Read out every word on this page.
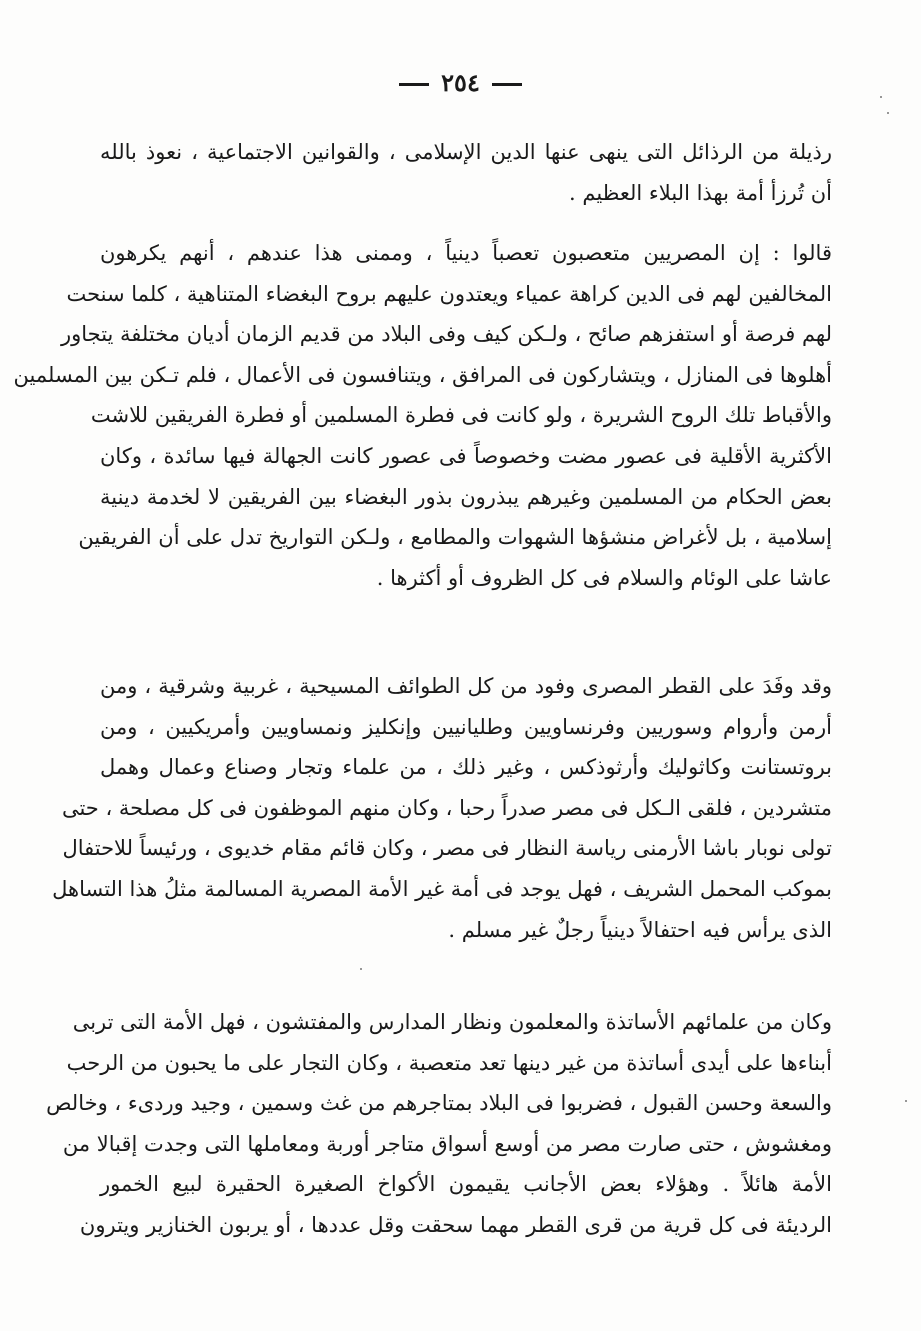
٢٥٤
رذيلة من الرذائل التى ينهى عنها الدين الإسلامى ، والقوانين الاجتماعية ، نعوذ بالله
أن تُرزأ أمة بهذا البلاء العظيم .
قالوا : إن المصريين متعصبون تعصباً دينياً ، وممنى هذا عندهم ، أنهم يكرهون
المخالفين لهم فى الدين كراهة عمياء ويعتدون عليهم بروح البغضاء المتناهية ، كلما سنحت
لهم فرصة أو استفزهم صائح ، ولـكن كيف وفى البلاد من قديم الزمان أديان مختلفة يتجاور
أهلوها فى المنازل ، ويتشاركون فى المرافق ، ويتنافسون فى الأعمال ، فلم تـكن بين المسلمين
والأقباط تلك الروح الشريرة ، ولو كانت فى فطرة المسلمين أو فطرة الفريقين للاشت
الأكثرية الأقلية فى عصور مضت وخصوصاً فى عصور كانت الجهالة فيها سائدة ، وكان
بعض الحكام من المسلمين وغيرهم يبذرون بذور البغضاء بين الفريقين لا لخدمة دينية
إسلامية ، بل لأغراض منشؤها الشهوات والمطامع ، ولـكن التواريخ تدل على أن الفريقين
عاشا على الوئام والسلام فى كل الظروف أو أكثرها .
وقد وفَدَ على القطر المصرى وفود من كل الطوائف المسيحية ، غربية وشرقية ، ومن
أرمن وأروام وسوريين وفرنساويين وطليانيين وإنكليز ونمساويين وأمريكيين ، ومن
بروتستانت وكاثوليك وأرثوذكس ، وغير ذلك ، من علماء وتجار وصناع وعمال وهمل
متشردين ، فلقى الـكل فى مصر صدراً رحبا ، وكان منهم الموظفون فى كل مصلحة ، حتى
تولى نوبار باشا الأرمنى رياسة النظار فى مصر ، وكان قائم مقام خديوى ، ورئيساً للاحتفال
بموكب المحمل الشريف ، فهل يوجد فى أمة غير الأمة المصرية المسالمة مثلُ هذا التساهل
الذى يرأس فيه احتفالاً دينياً رجلٌ غير مسلم .
وكان من علمائهم الأساتذة والمعلمون ونظار المدارس والمفتشون ، فهل الأمة التى تربى
أبناءها على أيدى أساتذة من غير دينها تعد متعصبة ، وكان التجار على ما يحبون من الرحب
والسعة وحسن القبول ، فضربوا فى البلاد بمتاجرهم من غث وسمين ، وجيد وردىء ، وخالص
ومغشوش ، حتى صارت مصر من أوسع أسواق متاجر أوربة ومعاملها التى وجدت إقبالا من
الأمة هائلاً . وهؤلاء بعض الأجانب يقيمون الأكواخ الصغيرة الحقيرة لبيع الخمور
الرديئة فى كل قرية من قرى القطر مهما سحقت وقل عددها ، أو يربون الخنازير ويترون
